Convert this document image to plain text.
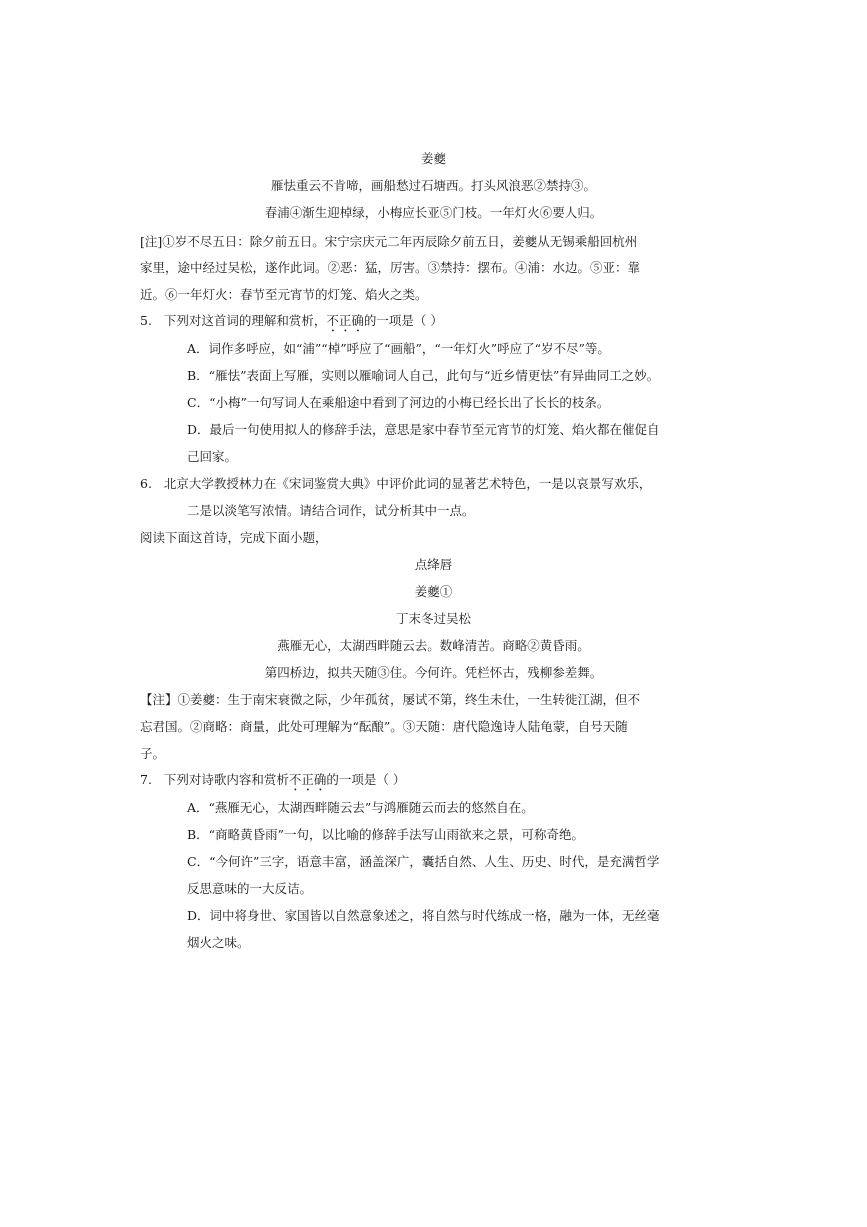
姜夔
雁怯重云不肯啼，画船愁过石塘西。打头风浪恶②禁持③。
春浦④渐生迎棹绿，小梅应长亚⑤门枝。一年灯火⑥要人归。
[注]①岁不尽五日：除夕前五日。宋宁宗庆元二年丙辰除夕前五日，姜夔从无锡乘船回杭州
家里，途中经过吴松，遂作此词。②恶：猛，厉害。③禁持：摆布。④浦：水边。⑤亚：靠
近。⑥一年灯火：春节至元宵节的灯笼、焰火之类。
5. 下列对这首词的理解和赏析，不正确的一项是（ ）
A．词作多呼应，如“浦”“棹”呼应了“画船”，“一年灯火”呼应了“岁不尽”等。
B．“雁怯”表面上写雁，实则以雁喻词人自己，此句与“近乡情更怯”有异曲同工之妙。
C．“小梅”一句写词人在乘船途中看到了河边的小梅已经长出了长长的枝条。
D．最后一句使用拟人的修辞手法，意思是家中春节至元宵节的灯笼、焰火都在催促自
己回家。
6. 北京大学教授林力在《宋词鉴赏大典》中评价此词的显著艺术特色，一是以哀景写欢乐，
二是以淡笔写浓情。请结合词作，试分析其中一点。
阅读下面这首诗，完成下面小题，
点绛唇
姜夔①
丁末冬过吴松
燕雁无心，太湖西畔随云去。数峰清苦。商略②黄昏雨。
第四桥边，拟共天随③住。今何许。凭栏怀古，残柳参差舞。
【注】①姜夔：生于南宋衰微之际，少年孤贫，屡试不第，终生未仕，一生转徙江湖，但不
忘君国。②商略：商量，此处可理解为“酝酿”。③天随：唐代隐逸诗人陆龟蒙，自号天随
子。
7. 下列对诗歌内容和赏析不正确的一项是（ ）
A．“燕雁无心，太湖西畔随云去”与鸿雁随云而去的悠然自在。
B．“商略黄昏雨”一句，以比喻的修辞手法写山雨欲来之景，可称奇绝。
C．“今何许”三字，语意丰富，涵盖深广，囊括自然、人生、历史、时代，是充满哲学
反思意味的一大反诘。
D．词中将身世、家国皆以自然意象述之，将自然与时代练成一格，融为一体，无丝毫
烟火之味。
